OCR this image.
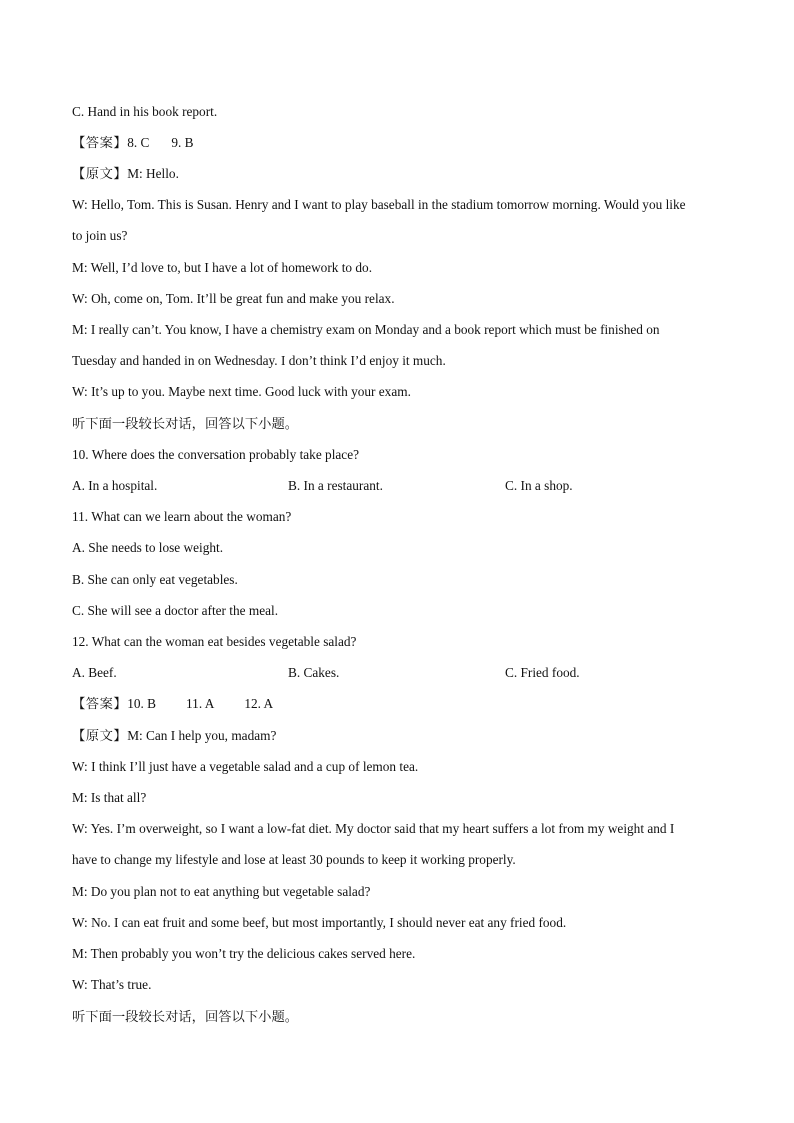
C. Hand in his book report.
【答案】8. C 9. B
【原文】M: Hello.
W: Hello, Tom. This is Susan. Henry and I want to play baseball in the stadium tomorrow morning. Would you like
to join us?
M: Well, I’d love to, but I have a lot of homework to do.
W: Oh, come on, Tom. It’ll be great fun and make you relax.
M: I really can’t. You know, I have a chemistry exam on Monday and a book report which must be finished on
Tuesday and handed in on Wednesday. I don’t think I’d enjoy it much.
W: It’s up to you. Maybe next time. Good luck with your exam.
听下面一段较长对话，回答以下小题。
10. Where does the conversation probably take place?
A. In a hospital.	B. In a restaurant.	C. In a shop.
11. What can we learn about the woman?
A. She needs to lose weight.
B. She can only eat vegetables.
C. She will see a doctor after the meal.
12. What can the woman eat besides vegetable salad?
A. Beef.	B. Cakes.	C. Fried food.
【答案】10. B 11. A 12. A
【原文】M: Can I help you, madam?
W: I think I’ll just have a vegetable salad and a cup of lemon tea.
M: Is that all?
W: Yes. I’m overweight, so I want a low-fat diet. My doctor said that my heart suffers a lot from my weight and I
have to change my lifestyle and lose at least 30 pounds to keep it working properly.
M: Do you plan not to eat anything but vegetable salad?
W: No. I can eat fruit and some beef, but most importantly, I should never eat any fried food.
M: Then probably you won’t try the delicious cakes served here.
W: That’s true.
听下面一段较长对话，回答以下小题。
